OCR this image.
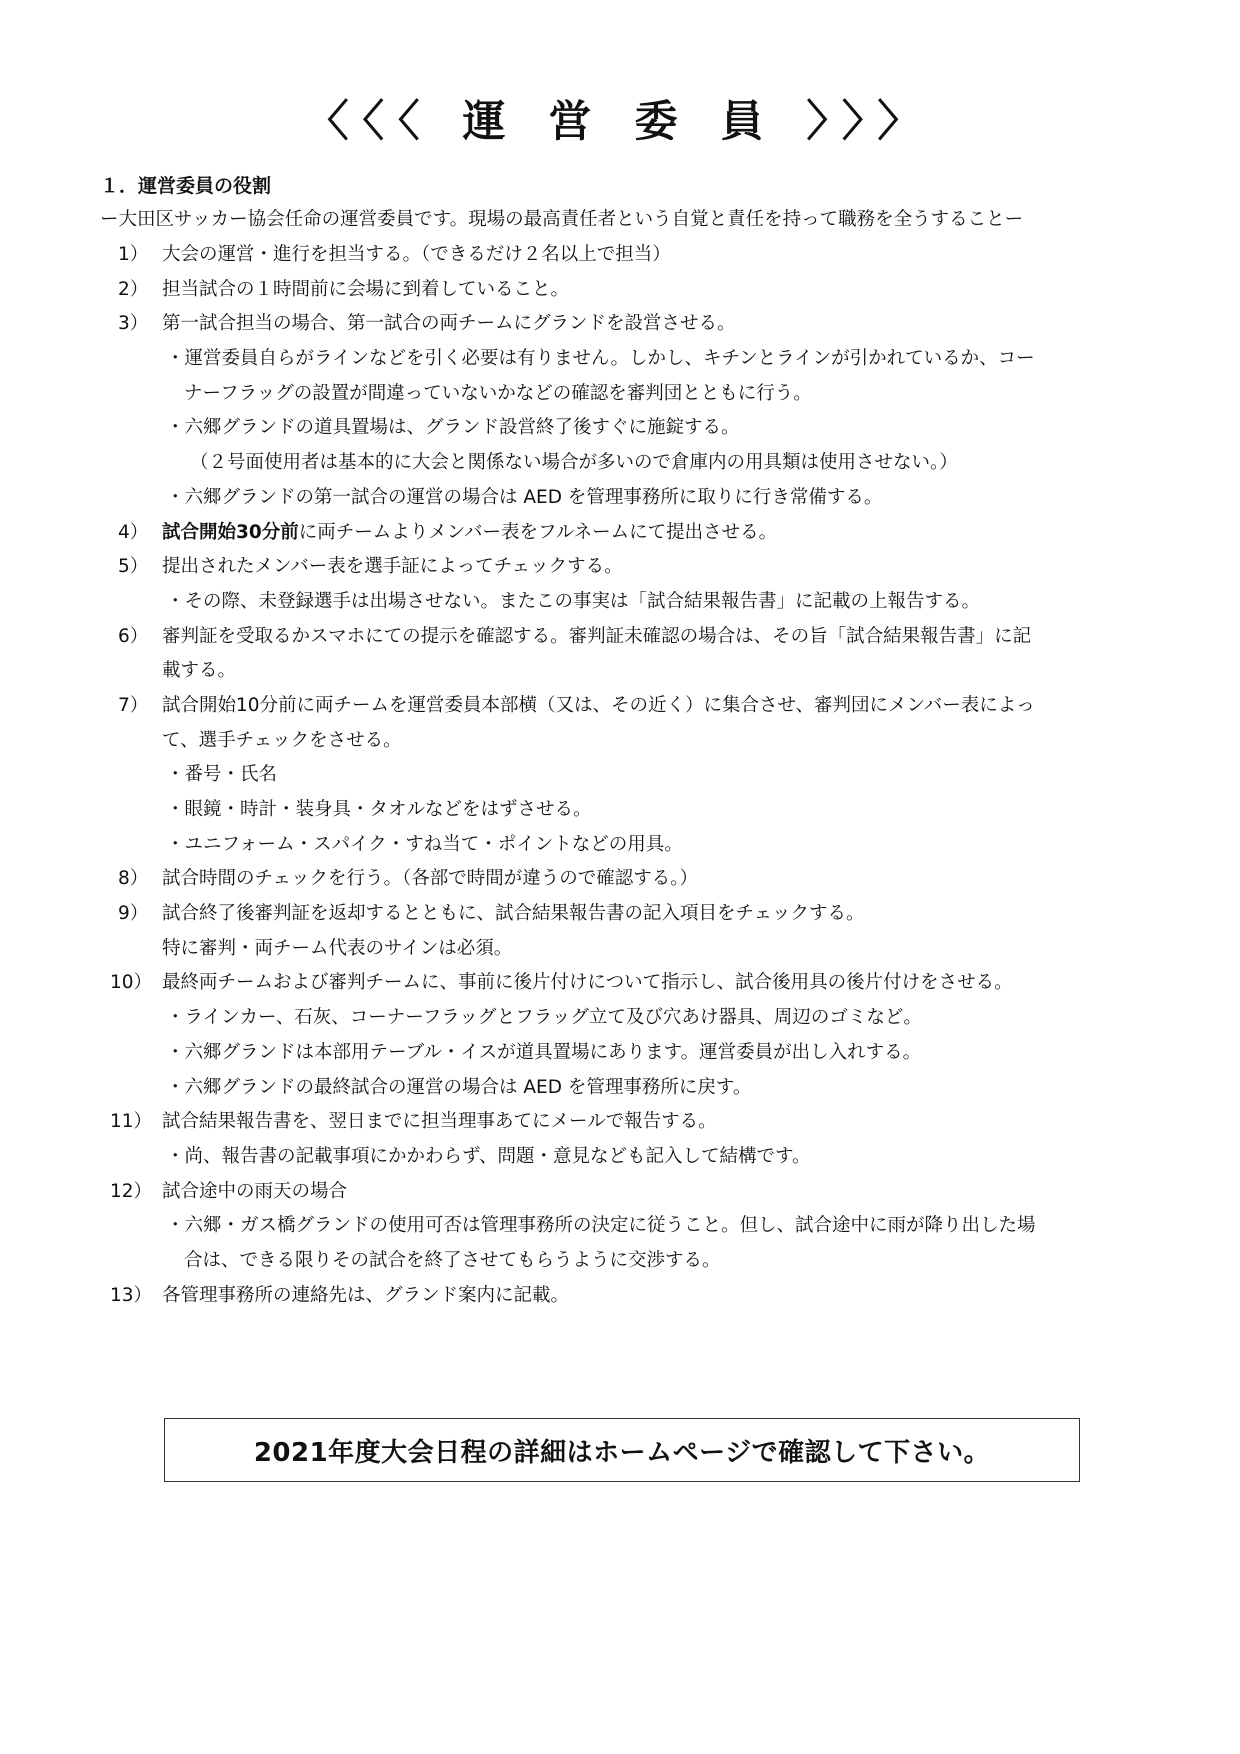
〈〈〈 運 営 委 員 〉〉〉
１．運営委員の役割

ー大田区サッカー協会任命の運営委員です。現場の最高責任者という自覚と責任を持って職務を全うすることー

1） 大会の運営・進行を担当する。（できるだけ２名以上で担当）
2） 担当試合の１時間前に会場に到着していること。
3） 第一試合担当の場合、第一試合の両チームにグランドを設営させる。
・運営委員自らがラインなどを引く必要は有りません。しかし、キチンとラインが引かれているか、コー
ナーフラッグの設置が間違っていないかなどの確認を審判団とともに行う。
・六郷グランドの道具置場は、グランド設営終了後すぐに施錠する。
（２号面使用者は基本的に大会と関係ない場合が多いので倉庫内の用具類は使用させない。）
・六郷グランドの第一試合の運営の場合は AED を管理事務所に取りに行き常備する。
4） 試合開始30分前に両チームよりメンバー表をフルネームにて提出させる。
5） 提出されたメンバー表を選手証によってチェックする。
・その際、未登録選手は出場させない。またこの事実は「試合結果報告書」に記載の上報告する。
6） 審判証を受取るかスマホにての提示を確認する。審判証未確認の場合は、その旨「試合結果報告書」に記
載する。
7） 試合開始10分前に両チームを運営委員本部横（又は、その近く）に集合させ、審判団にメンバー表によっ
て、選手チェックをさせる。
・番号・氏名
・眼鏡・時計・装身具・タオルなどをはずさせる。
・ユニフォーム・スパイク・すね当て・ポイントなどの用具。
8） 試合時間のチェックを行う。（各部で時間が違うので確認する。）
9） 試合終了後審判証を返却するとともに、試合結果報告書の記入項目をチェックする。
特に審判・両チーム代表のサインは必須。
10） 最終両チームおよび審判チームに、事前に後片付けについて指示し、試合後用具の後片付けをさせる。
・ラインカー、石灰、コーナーフラッグとフラッグ立て及び穴あけ器具、周辺のゴミなど。
・六郷グランドは本部用テーブル・イスが道具置場にあります。運営委員が出し入れする。
・六郷グランドの最終試合の運営の場合は AED を管理事務所に戻す。
11） 試合結果報告書を、翌日までに担当理事あてにメールで報告する。
・尚、報告書の記載事項にかかわらず、問題・意見なども記入して結構です。
12） 試合途中の雨天の場合
・六郷・ガス橋グランドの使用可否は管理事務所の決定に従うこと。但し、試合途中に雨が降り出した場
合は、できる限りその試合を終了させてもらうように交渉する。
13） 各管理事務所の連絡先は、グランド案内に記載。
2021年度大会日程の詳細はホームページで確認して下さい。
